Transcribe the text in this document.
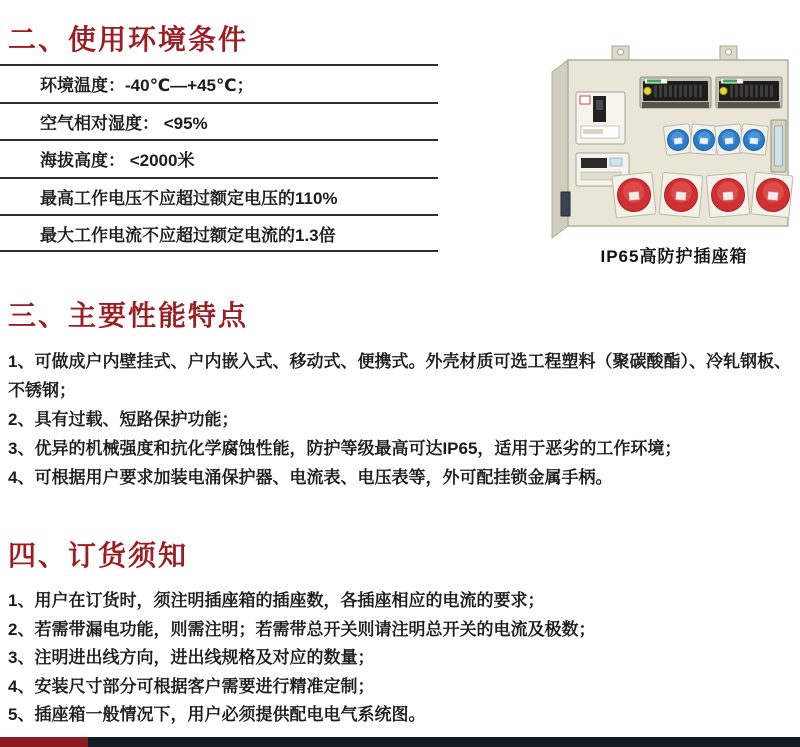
二、使用环境条件
环境温度：-40℃—+45℃；
空气相对湿度： <95%
海拔高度： <2000米
最高工作电压不应超过额定电压的110%
最大工作电流不应超过额定电流的1.3倍
IP65高防护插座箱
三、主要性能特点
1、可做成户内壁挂式、户内嵌入式、移动式、便携式。外壳材质可选工程塑料（聚碳酸酯）、冷轧钢板、不锈钢；
2、具有过载、短路保护功能；
3、优异的机械强度和抗化学腐蚀性能，防护等级最高可达IP65，适用于恶劣的工作环境；
4、可根据用户要求加装电涌保护器、电流表、电压表等，外可配挂锁金属手柄。
四、订货须知
1、用户在订货时，须注明插座箱的插座数，各插座相应的电流的要求；
2、若需带漏电功能，则需注明；若需带总开关则请注明总开关的电流及极数；
3、注明进出线方向，进出线规格及对应的数量；
4、安装尺寸部分可根据客户需要进行精准定制；
5、插座箱一般情况下，用户必须提供配电电气系统图。
